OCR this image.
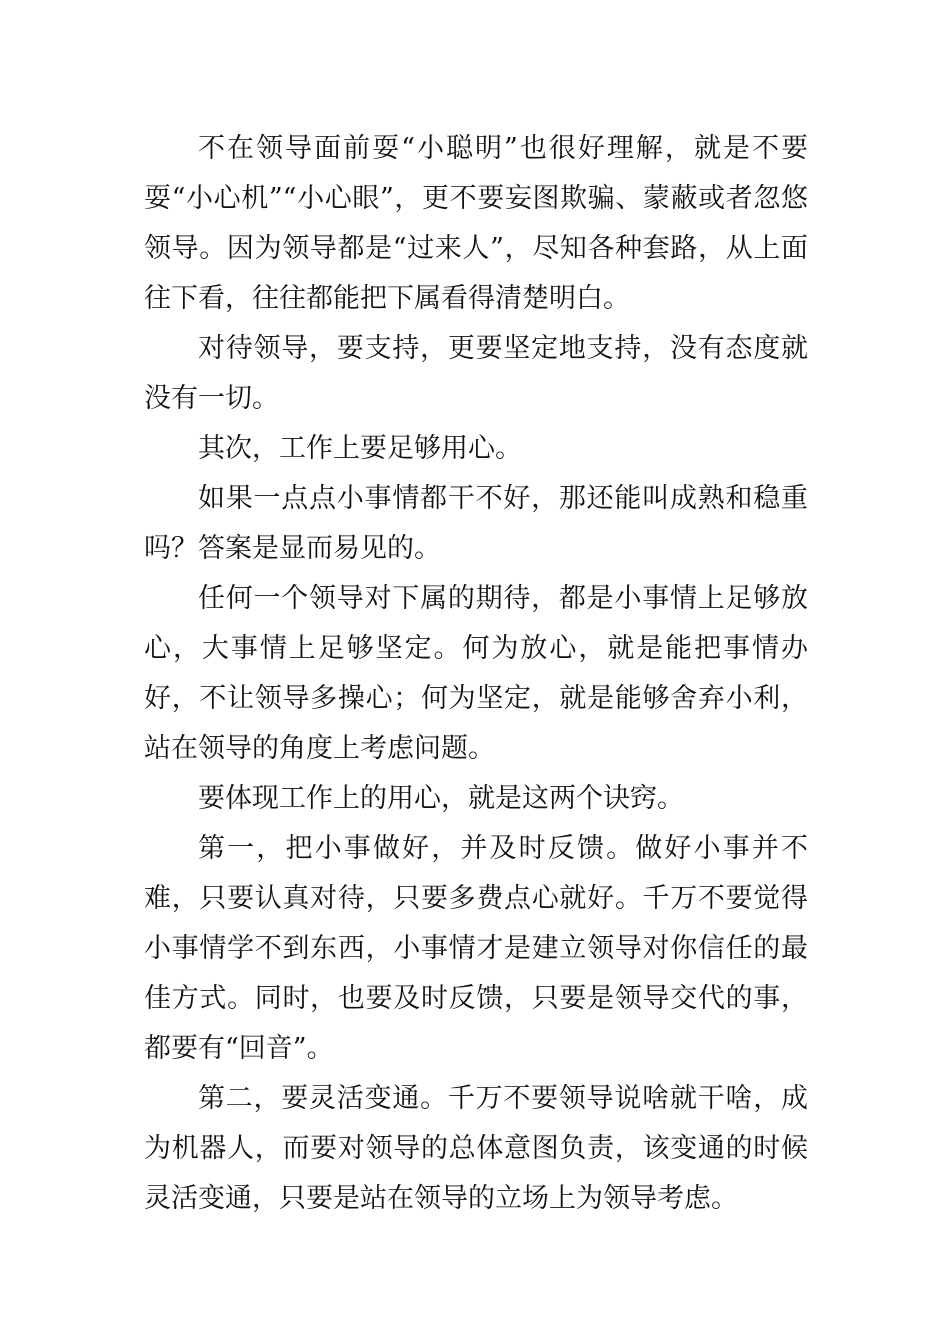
不在领导面前耍“小聪明”也很好理解，就是不要耍“小心机”“小心眼”，更不要妄图欺骗、蒙蔽或者忽悠领导。因为领导都是“过来人”，尽知各种套路，从上面往下看，往往都能把下属看得清楚明白。

对待领导，要支持，更要坚定地支持，没有态度就没有一切。

其次，工作上要足够用心。

如果一点点小事情都干不好，那还能叫成熟和稳重吗？答案是显而易见的。

任何一个领导对下属的期待，都是小事情上足够放心，大事情上足够坚定。何为放心，就是能把事情办好，不让领导多操心；何为坚定，就是能够舍弃小利，站在领导的角度上考虑问题。

要体现工作上的用心，就是这两个诀窍。

第一，把小事做好，并及时反馈。做好小事并不难，只要认真对待，只要多费点心就好。千万不要觉得小事情学不到东西，小事情才是建立领导对你信任的最佳方式。同时，也要及时反馈，只要是领导交代的事，都要有“回音”。

第二，要灵活变通。千万不要领导说啥就干啥，成为机器人，而要对领导的总体意图负责，该变通的时候灵活变通，只要是站在领导的立场上为领导考虑。
